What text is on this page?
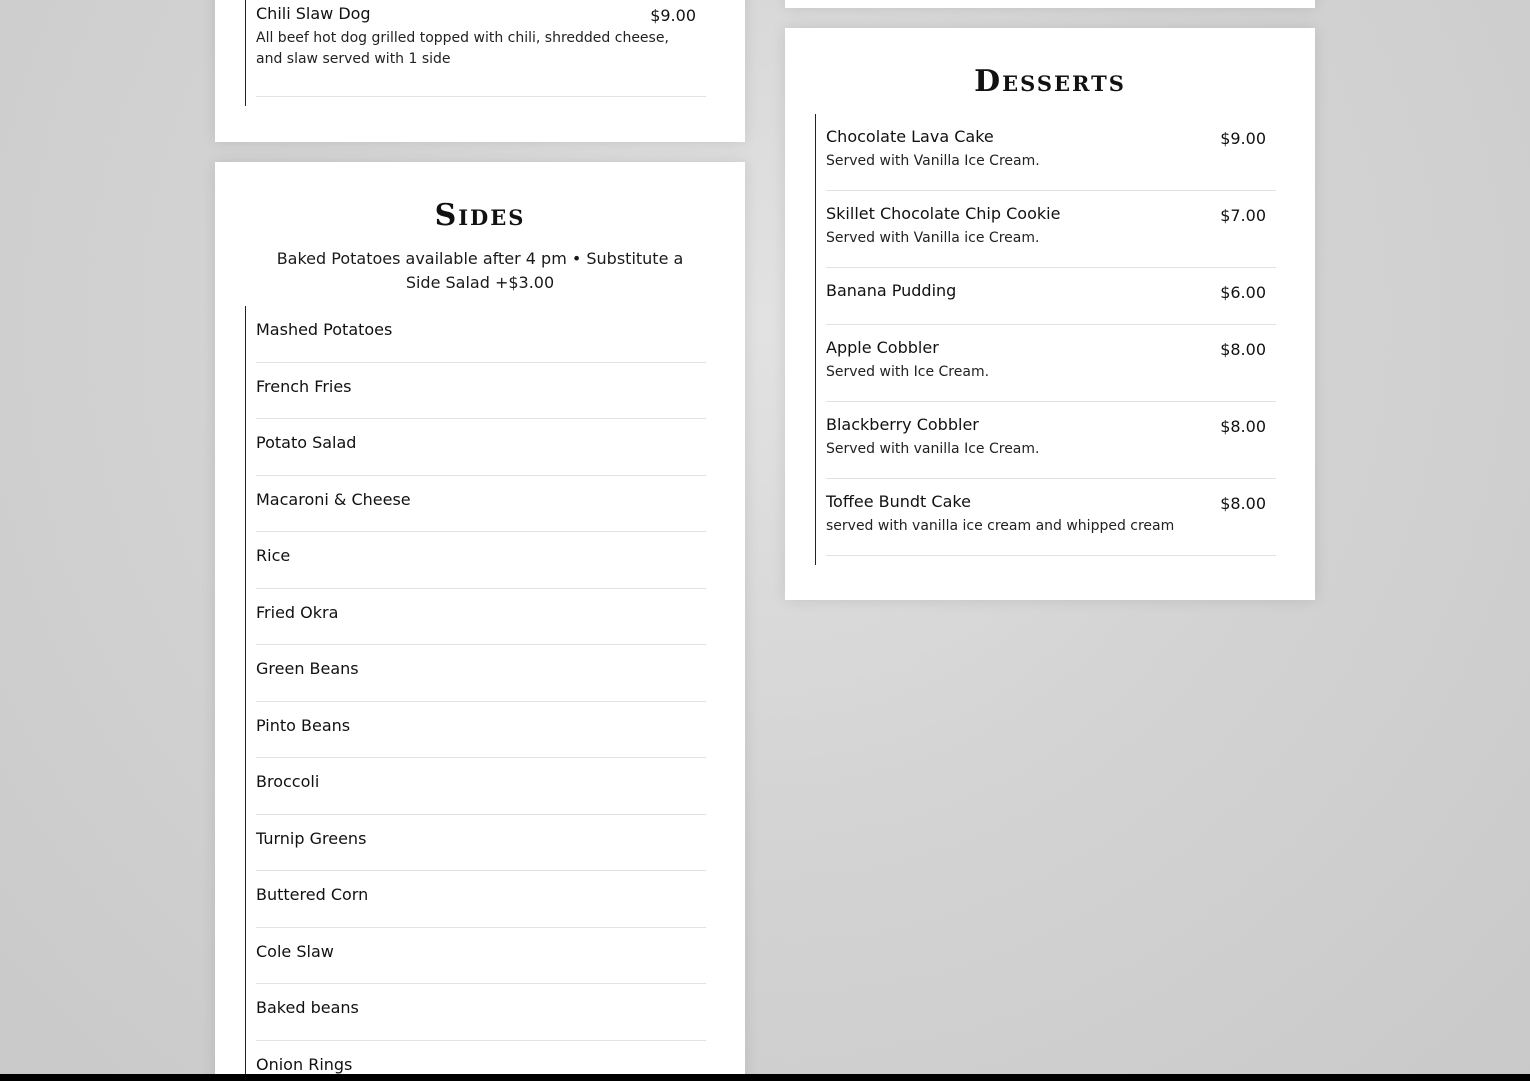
Chili Slaw Dog	$9.00
All beef hot dog grilled topped with chili, shredded cheese, and slaw served with 1 side
Sides
Baked Potatoes available after 4 pm • Substitute a Side Salad +$3.00
Mashed Potatoes
French Fries
Potato Salad
Macaroni & Cheese
Rice
Fried Okra
Green Beans
Pinto Beans
Broccoli
Turnip Greens
Buttered Corn
Cole Slaw
Baked beans
Onion Rings
Desserts
Chocolate Lava Cake	$9.00
Served with Vanilla Ice Cream.
Skillet Chocolate Chip Cookie	$7.00
Served with Vanilla ice Cream.
Banana Pudding	$6.00
Apple Cobbler	$8.00
Served with Ice Cream.
Blackberry Cobbler	$8.00
Served with vanilla Ice Cream.
Toffee Bundt Cake	$8.00
served with vanilla ice cream and whipped cream
